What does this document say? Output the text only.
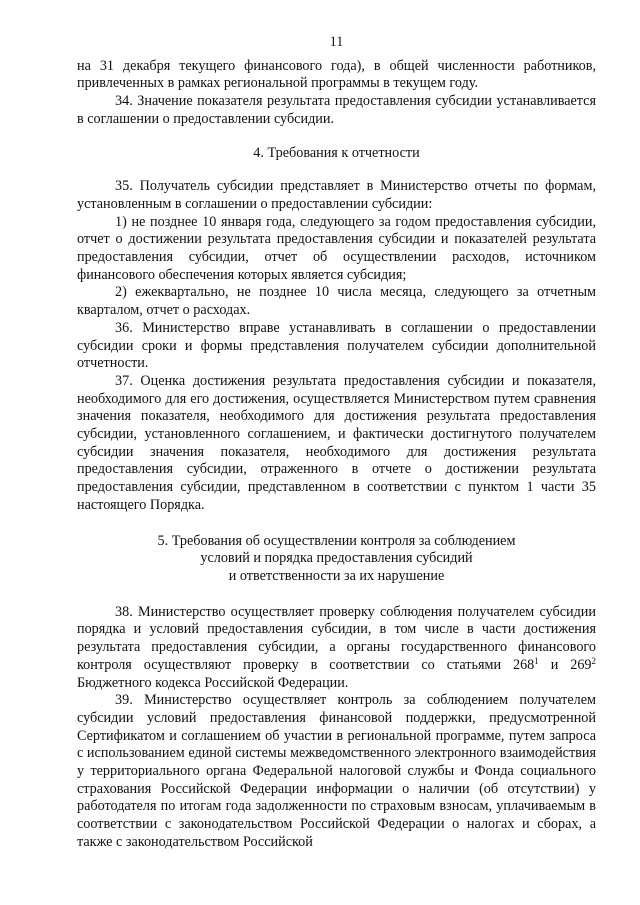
11

на 31 декабря текущего финансового года), в общей численности работников, привлеченных в рамках региональной программы в текущем году.

34. Значение показателя результата предоставления субсидии устанавливается в соглашении о предоставлении субсидии.

4. Требования к отчетности

35. Получатель субсидии представляет в Министерство отчеты по формам, установленным в соглашении о предоставлении субсидии:

1) не позднее 10 января года, следующего за годом предоставления субсидии, отчет о достижении результата предоставления субсидии и показателей результата предоставления субсидии, отчет об осуществлении расходов, источником финансового обеспечения которых является субсидия;

2) ежеквартально, не позднее 10 числа месяца, следующего за отчетным кварталом, отчет о расходах.

36. Министерство вправе устанавливать в соглашении о предоставлении субсидии сроки и формы представления получателем субсидии дополнительной отчетности.

37. Оценка достижения результата предоставления субсидии и показателя, необходимого для его достижения, осуществляется Министерством путем сравнения значения показателя, необходимого для достижения результата предоставления субсидии, установленного соглашением, и фактически достигнутого получателем субсидии значения показателя, необходимого для достижения результата предоставления субсидии, отраженного в отчете о достижении результата предоставления субсидии, представленном в соответствии с пунктом 1 части 35 настоящего Порядка.

5. Требования об осуществлении контроля за соблюдением

условий и порядка предоставления субсидий

и ответственности за их нарушение

38. Министерство осуществляет проверку соблюдения получателем субсидии порядка и условий предоставления субсидии, в том числе в части достижения результата предоставления субсидии, а органы государственного финансового контроля осуществляют проверку в соответствии со статьями $268^1$ и $269^2$ Бюджетного кодекса Российской Федерации.

39. Министерство осуществляет контроль за соблюдением получателем субсидии условий предоставления финансовой поддержки, предусмотренной Сертификатом и соглашением об участии в региональной программе, путем запроса с использованием единой системы межведомственного электронного взаимодействия у территориального органа Федеральной налоговой службы и Фонда социального страхования Российской Федерации информации о наличии (об отсутствии) у работодателя по итогам года задолженности по страховым взносам, уплачиваемым в соответствии с законодательством Российской Федерации о налогах и сборах, а также с законодательством Российской
